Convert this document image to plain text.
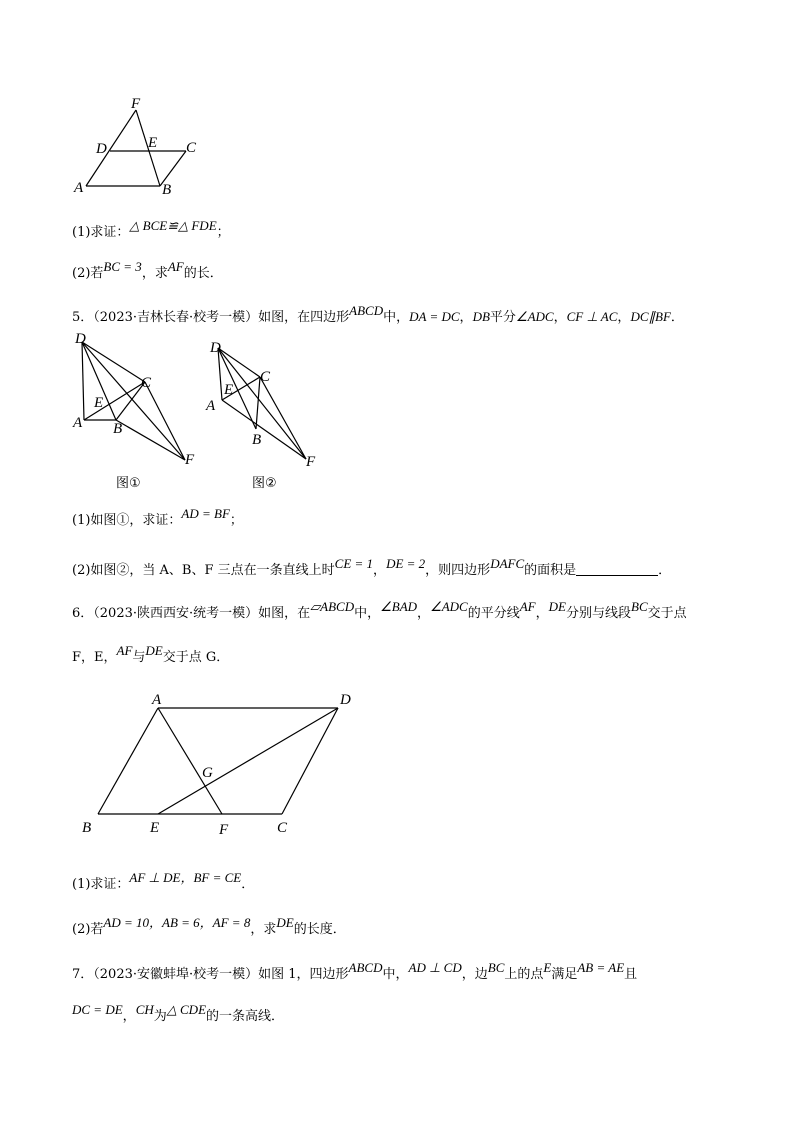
F
D	E C
A	B
(1)求证：△ BCE≌△ FDE；
(2)若BC = 3，求AF的长．
5．（2023·吉林长春·校考一模）如图，在四边形ABCD中，DA = DC，DB平分∠ADC，CF ⊥ AC，DC∥BF．
D
C
E
A B
F
图①
D
C
E
A
B
F
图②
(1)如图①，求证：AD = BF；
(2)如图②，当 A、B、F 三点在一条直线上时CE = 1，DE = 2，则四边形DAFC的面积是	．
6．（2023·陕西西安·统考一模）如图，在▱ABCD中，∠BAD，∠ADC的平分线AF，DE分别与线段BC交于点
F，E，AF与DE交于点 G．
A	D
G
B	E	F	C
(1)求证：AF ⊥ DE，BF = CE．
(2)若AD = 10，AB = 6，AF = 8，求DE的长度．
7．（2023·安徽蚌埠·校考一模）如图 1，四边形ABCD中，AD ⊥ CD，边BC上的点E满足AB = AE且
DC = DE，CH为△ CDE的一条高线．
